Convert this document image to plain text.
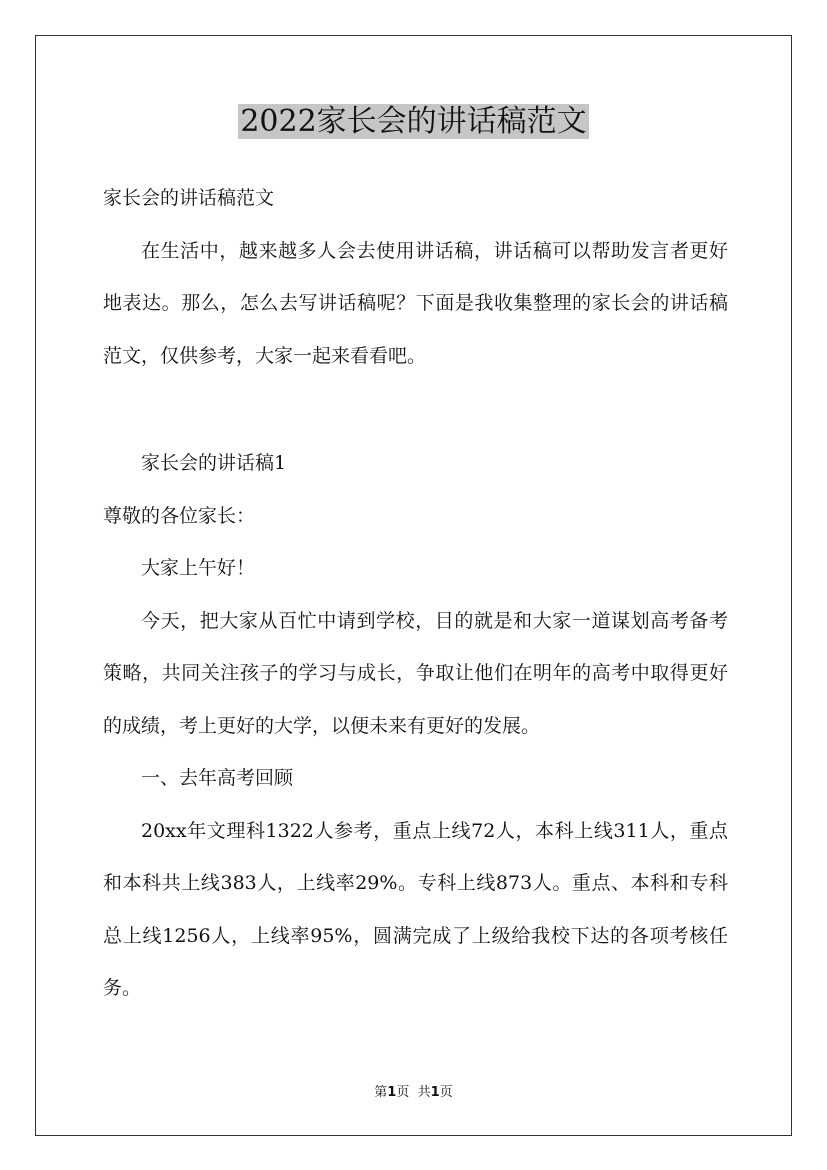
2022家长会的讲话稿范文

家长会的讲话稿范文

在生活中，越来越多人会去使用讲话稿，讲话稿可以帮助发言者更好地表达。那么，怎么去写讲话稿呢？下面是我收集整理的家长会的讲话稿范文，仅供参考，大家一起来看看吧。

家长会的讲话稿1

尊敬的各位家长：

大家上午好！

今天，把大家从百忙中请到学校，目的就是和大家一道谋划高考备考策略，共同关注孩子的学习与成长，争取让他们在明年的高考中取得更好的成绩，考上更好的大学，以便未来有更好的发展。

一、去年高考回顾

20xx年文理科1322人参考，重点上线72人，本科上线311人，重点和本科共上线383人，上线率29%。专科上线873人。重点、本科和专科总上线1256人，上线率95%，圆满完成了上级给我校下达的各项考核任务。

第1页 共1页
